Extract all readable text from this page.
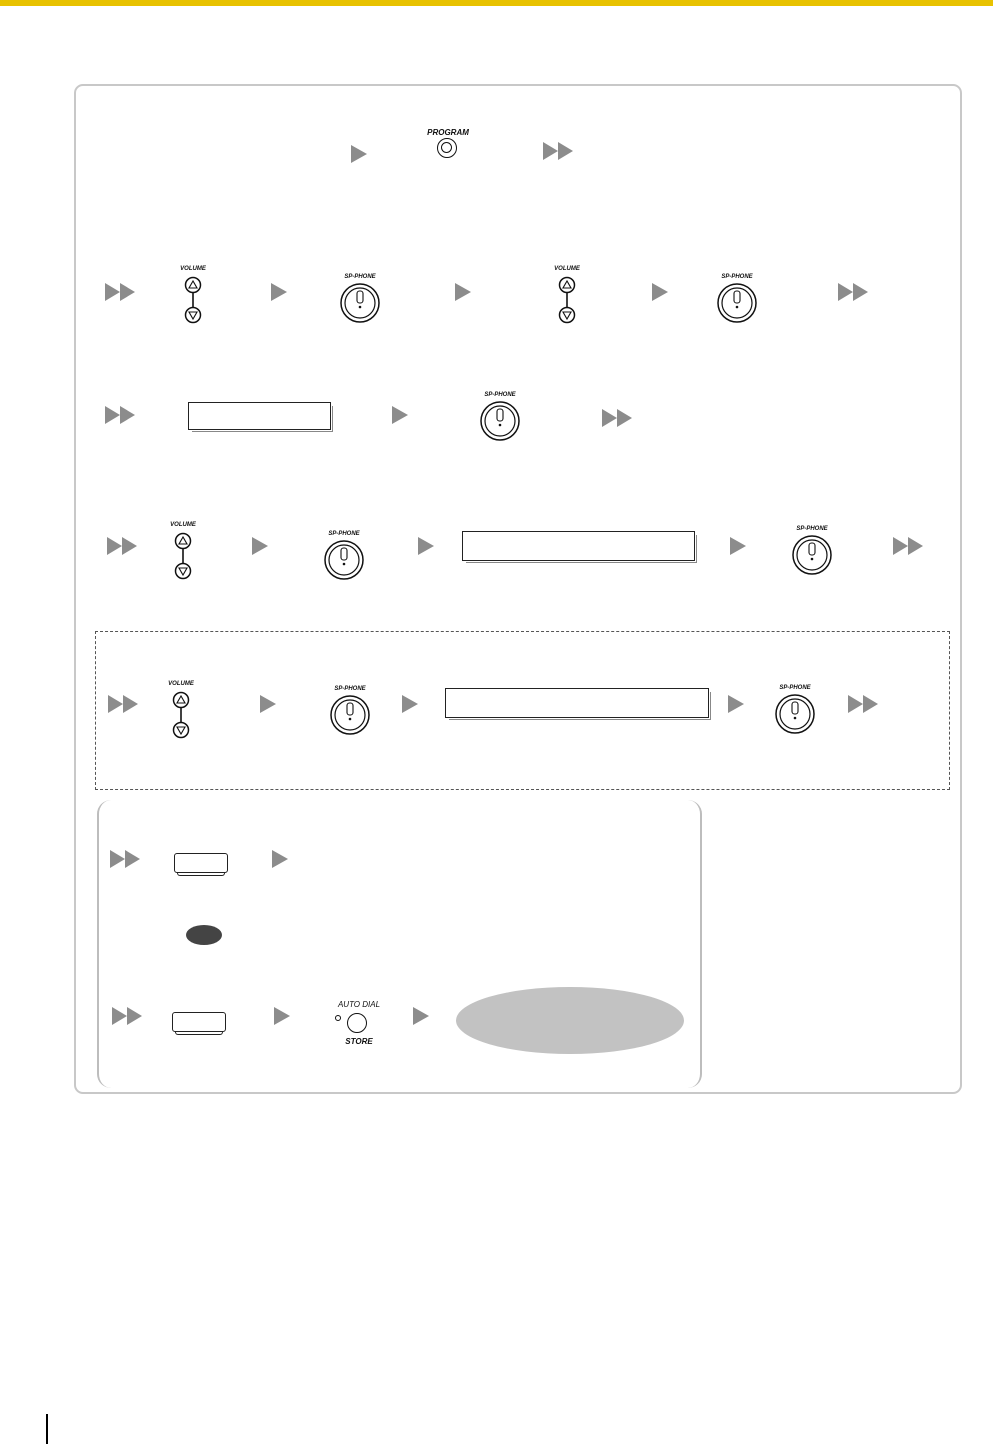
PROGRAM
VOLUME
SP-PHONE
VOLUME
SP-PHONE
SP-PHONE
VOLUME
SP-PHONE
SP-PHONE
VOLUME
SP-PHONE	SP-PHONE
AUTO DIAL
STORE
